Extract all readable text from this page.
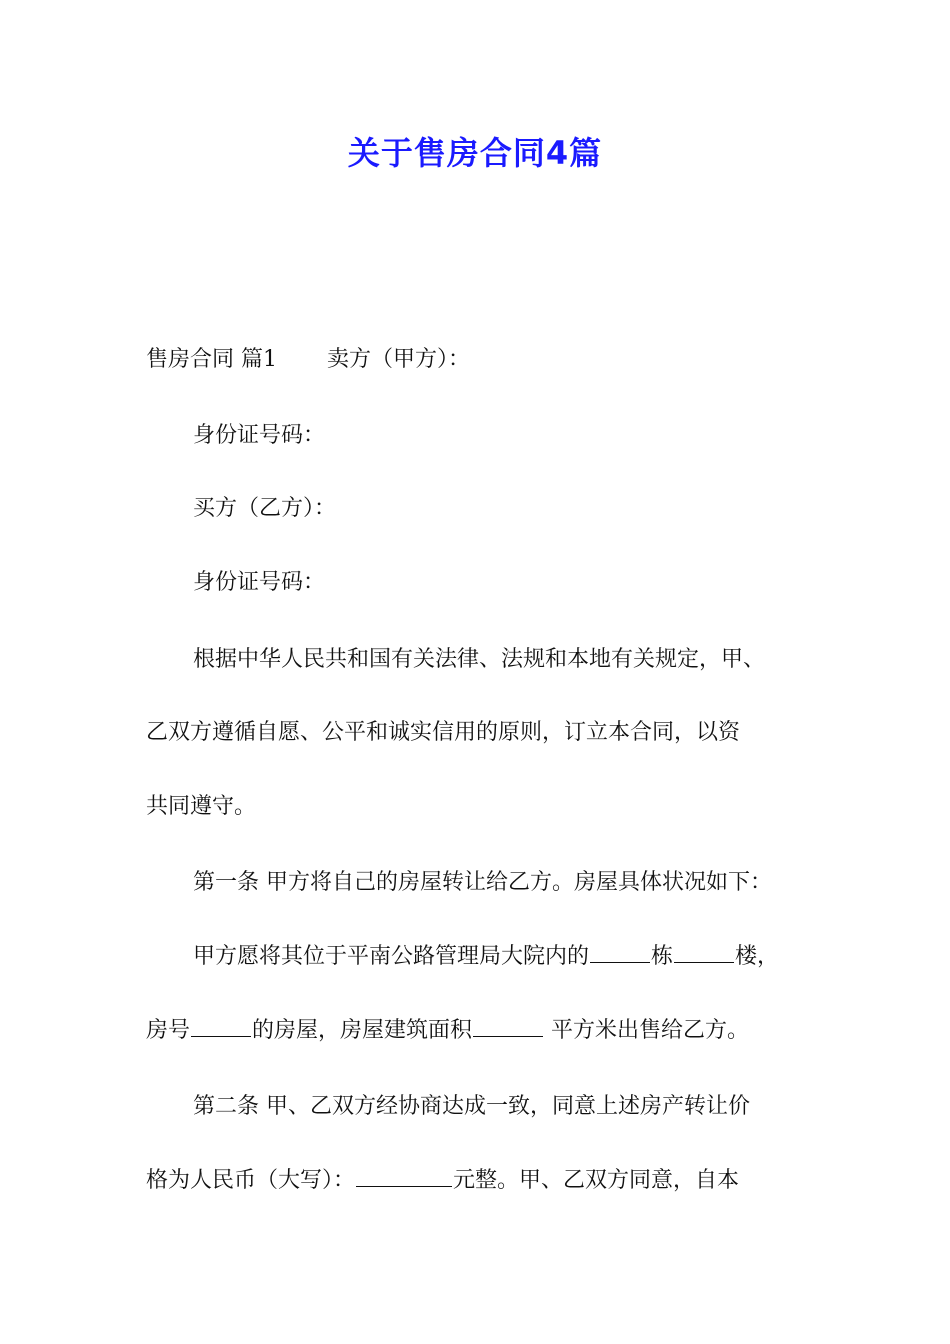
关于售房合同4篇
售房合同 篇1 卖方（甲方）：
身份证号码：
买方（乙方）：
身份证号码：
根据中华人民共和国有关法律、法规和本地有关规定，甲、
乙双方遵循自愿、公平和诚实信用的原则，订立本合同，以资
共同遵守。
第一条 甲方将自己的房屋转让给乙方。房屋具体状况如下：
甲方愿将其位于平南公路管理局大院内的	栋	楼，
房号	的房屋，房屋建筑面积	平方米出售给乙方。
第二条 甲、乙双方经协商达成一致，同意上述房产转让价
格为人民币（大写）：	元整。甲、乙双方同意，自本
